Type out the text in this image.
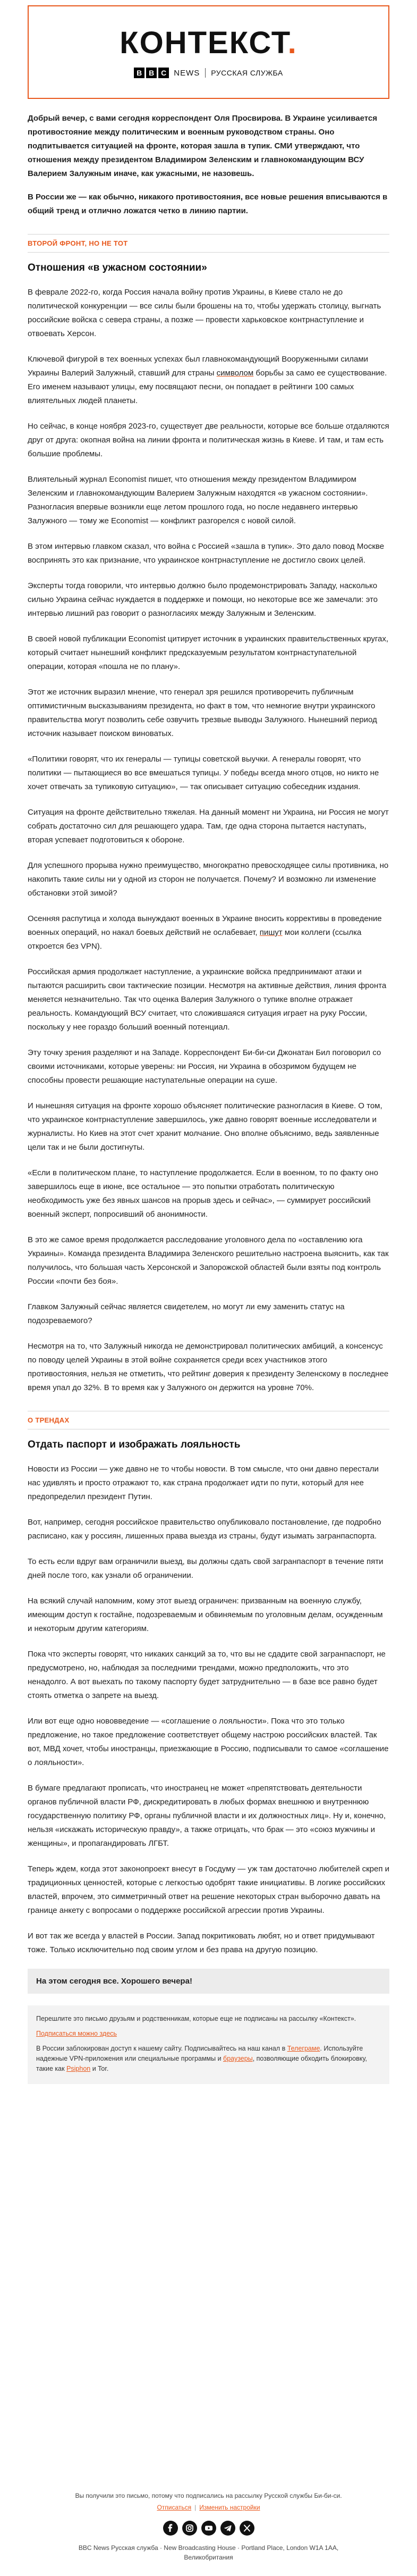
КОНТЕКСТ.
B B C NEWS РУССКАЯ СЛУЖБА

Добрый вечер, с вами сегодня корреспондент Оля Просвирова. В Украине усиливается противостояние между политическим и военным руководством страны. Оно подпитывается ситуацией на фронте, которая зашла в тупик. СМИ утверждают, что отношения между президентом Владимиром Зеленским и главнокомандующим ВСУ Валерием Залужным иначе, как ужасными, не назовешь.

В России же — как обычно, никакого противостояния, все новые решения вписываются в общий тренд и отлично ложатся четко в линию партии.

ВТОРОЙ ФРОНТ, НО НЕ ТОТ
Отношения «в ужасном состоянии»

В феврале 2022-го, когда Россия начала войну против Украины, в Киеве стало не до политической конкуренции — все силы были брошены на то, чтобы удержать столицу, выгнать российские войска с севера страны, а позже — провести харьковское контрнаступление и отвоевать Херсон.

Ключевой фигурой в тех военных успехах был главнокомандующий Вооруженными силами Украины Валерий Залужный, ставший для страны символом борьбы за само ее существование. Его именем называют улицы, ему посвящают песни, он попадает в рейтинги 100 самых влиятельных людей планеты.

Но сейчас, в конце ноября 2023-го, существует две реальности, которые все больше отдаляются друг от друга: окопная война на линии фронта и политическая жизнь в Киеве. И там, и там есть большие проблемы.

Влиятельный журнал Economist пишет, что отношения между президентом Владимиром Зеленским и главнокомандующим Валерием Залужным находятся «в ужасном состоянии». Разногласия впервые возникли еще летом прошлого года, но после недавнего интервью Залужного — тому же Economist — конфликт разгорелся с новой силой.

В этом интервью главком сказал, что война с Россией «зашла в тупик». Это дало повод Москве воспринять это как признание, что украинское контрнаступление не достигло своих целей.

Эксперты тогда говорили, что интервью должно было продемонстрировать Западу, насколько сильно Украина сейчас нуждается в поддержке и помощи, но некоторые все же замечали: это интервью лишний раз говорит о разногласиях между Залужным и Зеленским.

В своей новой публикации Economist цитирует источник в украинских правительственных кругах, который считает нынешний конфликт предсказуемым результатом контрнаступательной операции, которая «пошла не по плану».

Этот же источник выразил мнение, что генерал зря решился противоречить публичным оптимистичным высказываниям президента, но факт в том, что немногие внутри украинского правительства могут позволить себе озвучить трезвые выводы Залужного. Нынешний период источник называет поиском виноватых.

«Политики говорят, что их генералы — тупицы советской выучки. А генералы говорят, что политики — пытающиеся во все вмешаться тупицы. У победы всегда много отцов, но никто не хочет отвечать за тупиковую ситуацию», — так описывает ситуацию собеседник издания.

Ситуация на фронте действительно тяжелая. На данный момент ни Украина, ни Россия не могут собрать достаточно сил для решающего удара. Там, где одна сторона пытается наступать, вторая успевает подготовиться к обороне.

Для успешного прорыва нужно преимущество, многократно превосходящее силы противника, но накопить такие силы ни у одной из сторон не получается. Почему? И возможно ли изменение обстановки этой зимой?

Осенняя распутица и холода вынуждают военных в Украине вносить коррективы в проведение военных операций, но накал боевых действий не ослабевает, пишут мои коллеги (ссылка откроется без VPN).

Российская армия продолжает наступление, а украинские войска предпринимают атаки и пытаются расширить свои тактические позиции. Несмотря на активные действия, линия фронта меняется незначительно. Так что оценка Валерия Залужного о тупике вполне отражает реальность. Командующий ВСУ считает, что сложившаяся ситуация играет на руку России, поскольку у нее гораздо больший военный потенциал.

Эту точку зрения разделяют и на Западе. Корреспондент Би-би-си Джонатан Бил поговорил со своими источниками, которые уверены: ни Россия, ни Украина в обозримом будущем не способны провести решающие наступательные операции на суше.

И нынешняя ситуация на фронте хорошо объясняет политические разногласия в Киеве. О том, что украинское контрнаступление завершилось, уже давно говорят военные исследователи и журналисты. Но Киев на этот счет хранит молчание. Оно вполне объяснимо, ведь заявленные цели так и не были достигнуты.

«Если в политическом плане, то наступление продолжается. Если в военном, то по факту оно завершилось еще в июне, все остальное — это попытки отработать политическую необходимость уже без явных шансов на прорыв здесь и сейчас», — суммирует российский военный эксперт, попросивший об анонимности.

В это же самое время продолжается расследование уголовного дела по «оставлению юга Украины». Команда президента Владимира Зеленского решительно настроена выяснить, как так получилось, что большая часть Херсонской и Запорожской областей были взяты под контроль России «почти без боя».

Главком Залужный сейчас является свидетелем, но могут ли ему заменить статус на подозреваемого?

Несмотря на то, что Залужный никогда не демонстрировал политических амбиций, а консенсус по поводу целей Украины в этой войне сохраняется среди всех участников этого противостояния, нельзя не отметить, что рейтинг доверия к президенту Зеленскому в последнее время упал до 32%. В то время как у Залужного он держится на уровне 70%.

О ТРЕНДАХ
Отдать паспорт и изображать лояльность

Новости из России — уже давно не то чтобы новости. В том смысле, что они давно перестали нас удивлять и просто отражают то, как страна продолжает идти по пути, который для нее предопределил президент Путин.

Вот, например, сегодня российское правительство опубликовало постановление, где подробно расписано, как у россиян, лишенных права выезда из страны, будут изымать загранпаспорта.

То есть если вдруг вам ограничили выезд, вы должны сдать свой загранпаспорт в течение пяти дней после того, как узнали об ограничении.

На всякий случай напомним, кому этот выезд ограничен: призванным на военную службу, имеющим доступ к гостайне, подозреваемым и обвиняемым по уголовным делам, осужденным и некоторым другим категориям.

Пока что эксперты говорят, что никаких санкций за то, что вы не сдадите свой загранпаспорт, не предусмотрено, но, наблюдая за последними трендами, можно предположить, что это ненадолго. А вот выехать по такому паспорту будет затруднительно — в базе все равно будет стоять отметка о запрете на выезд.

Или вот еще одно нововведение — «соглашение о лояльности». Пока что это только предложение, но такое предложение соответствует общему настрою российских властей. Так вот, МВД хочет, чтобы иностранцы, приезжающие в Россию, подписывали то самое «соглашение о лояльности».

В бумаге предлагают прописать, что иностранец не может «препятствовать деятельности органов публичной власти РФ, дискредитировать в любых формах внешнюю и внутреннюю государственную политику РФ, органы публичной власти и их должностных лиц». Ну и, конечно, нельзя «искажать историческую правду», а также отрицать, что брак — это «союз мужчины и женщины», и пропагандировать ЛГБТ.

Теперь ждем, когда этот законопроект внесут в Госдуму — уж там достаточно любителей скреп и традиционных ценностей, которые с легкостью одобрят такие инициативы. В логике российских властей, впрочем, это симметричный ответ на решение некоторых стран выборочно давать на границе анкету с вопросами о поддержке российской агрессии против Украины.

И вот так же всегда у властей в России. Запад покритиковать любят, но и ответ придумывают тоже. Только исключительно под своим углом и без права на другую позицию.

На этом сегодня все. Хорошего вечера!

Перешлите это письмо друзьям и родственникам, которые еще не подписаны на рассылку «Контекст».

Подписаться можно здесь

В России заблокирован доступ к нашему сайту. Подписывайтесь на наш канал в Телеграме. Используйте надежные VPN-приложения или специальные программы и браузеры, позволяющие обходить блокировку, такие как Psiphon и Tor.

Вы получили это письмо, потому что подписались на рассылку Русской службы Би-би-си.
Отписаться | Изменить настройки
BBC News Русская служба · New Broadcasting House · Portland Place, London W1A 1AA,
Великобритания
